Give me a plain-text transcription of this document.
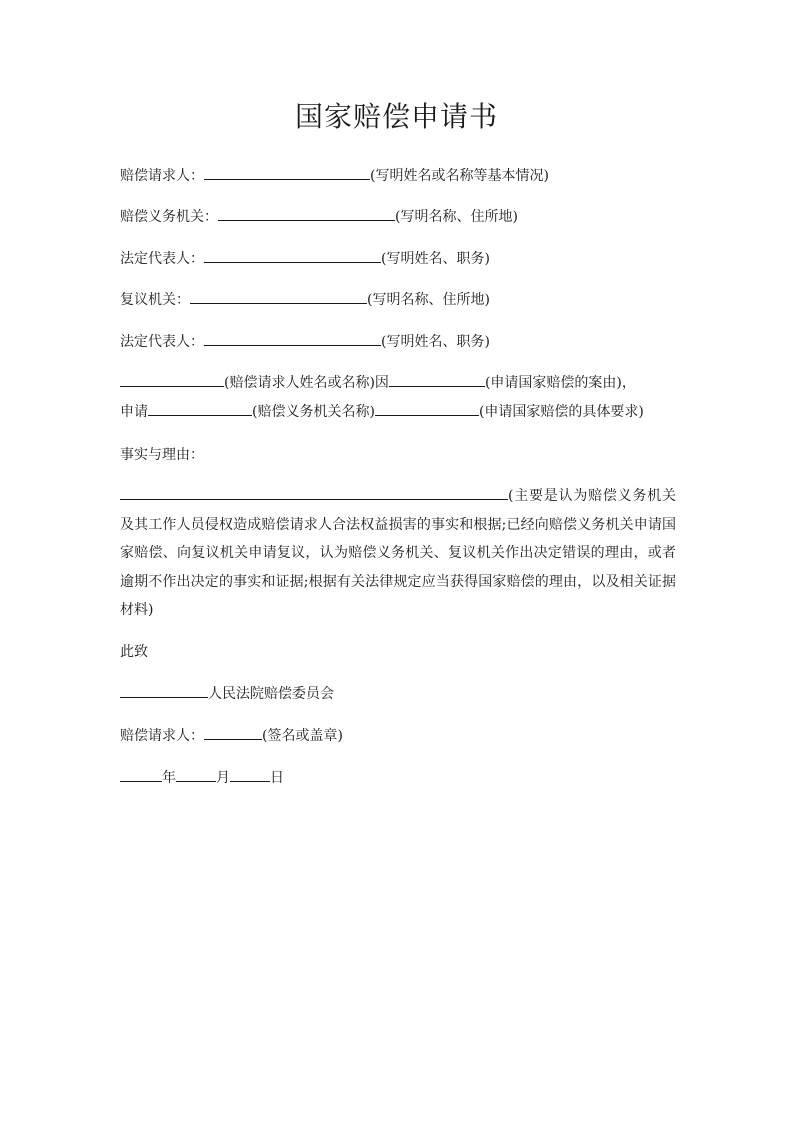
国家赔偿申请书
赔偿请求人：	(写明姓名或名称等基本情况)
赔偿义务机关：	(写明名称、住所地)
法定代表人：	(写明姓名、职务)
复议机关：	(写明名称、住所地)
法定代表人：	(写明姓名、职务)
(赔偿请求人姓名或名称)因	(申请国家赔偿的案由)，
申请	(赔偿义务机关名称)	(申请国家赔偿的具体要求)
事实与理由：
(主要是认为赔偿义务机关及其工作人员侵权造成赔偿请求人合法权益损害的事实和根据;已经向赔偿义务机关申请国家赔偿、向复议机关申请复议，认为赔偿义务机关、复议机关作出决定错误的理由，或者逾期不作出决定的事实和证据;根据有关法律规定应当获得国家赔偿的理由，以及相关证据材料)
此致
人民法院赔偿委员会
赔偿请求人：	(签名或盖章)
年	月	日
